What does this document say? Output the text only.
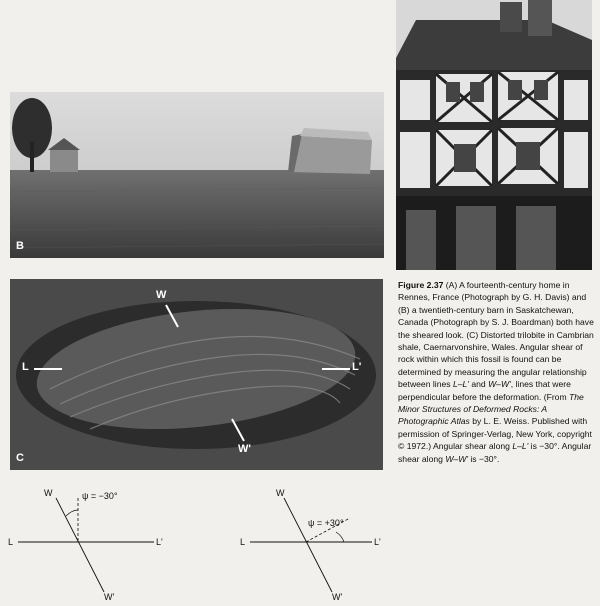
B
W
W'
L	L'
C
Figure 2.37 (A) A fourteenth-century home in Rennes, France (Photograph by G. H. Davis) and (B) a twentieth-century barn in Saskatchewan, Canada (Photograph by S. J. Boardman) both have the sheared look. (C) Distorted trilobite in Cambrian shale, Caernarvonshire, Wales. Angular shear of rock within which this fossil is found can be determined by measuring the angular relationship between lines L–L' and W–W', lines that were perpendicular before the deformation. (From The Minor Structures of Deformed Rocks: A Photographic Atlas by L. E. Weiss. Published with permission of Springer-Verlag, New York, copyright © 1972.) Angular shear along L–L' is −30°. Angular shear along W–W' is −30°.
W
W'
L	L'
ψ = −30°	W
W'
L	L'
ψ = +30°
